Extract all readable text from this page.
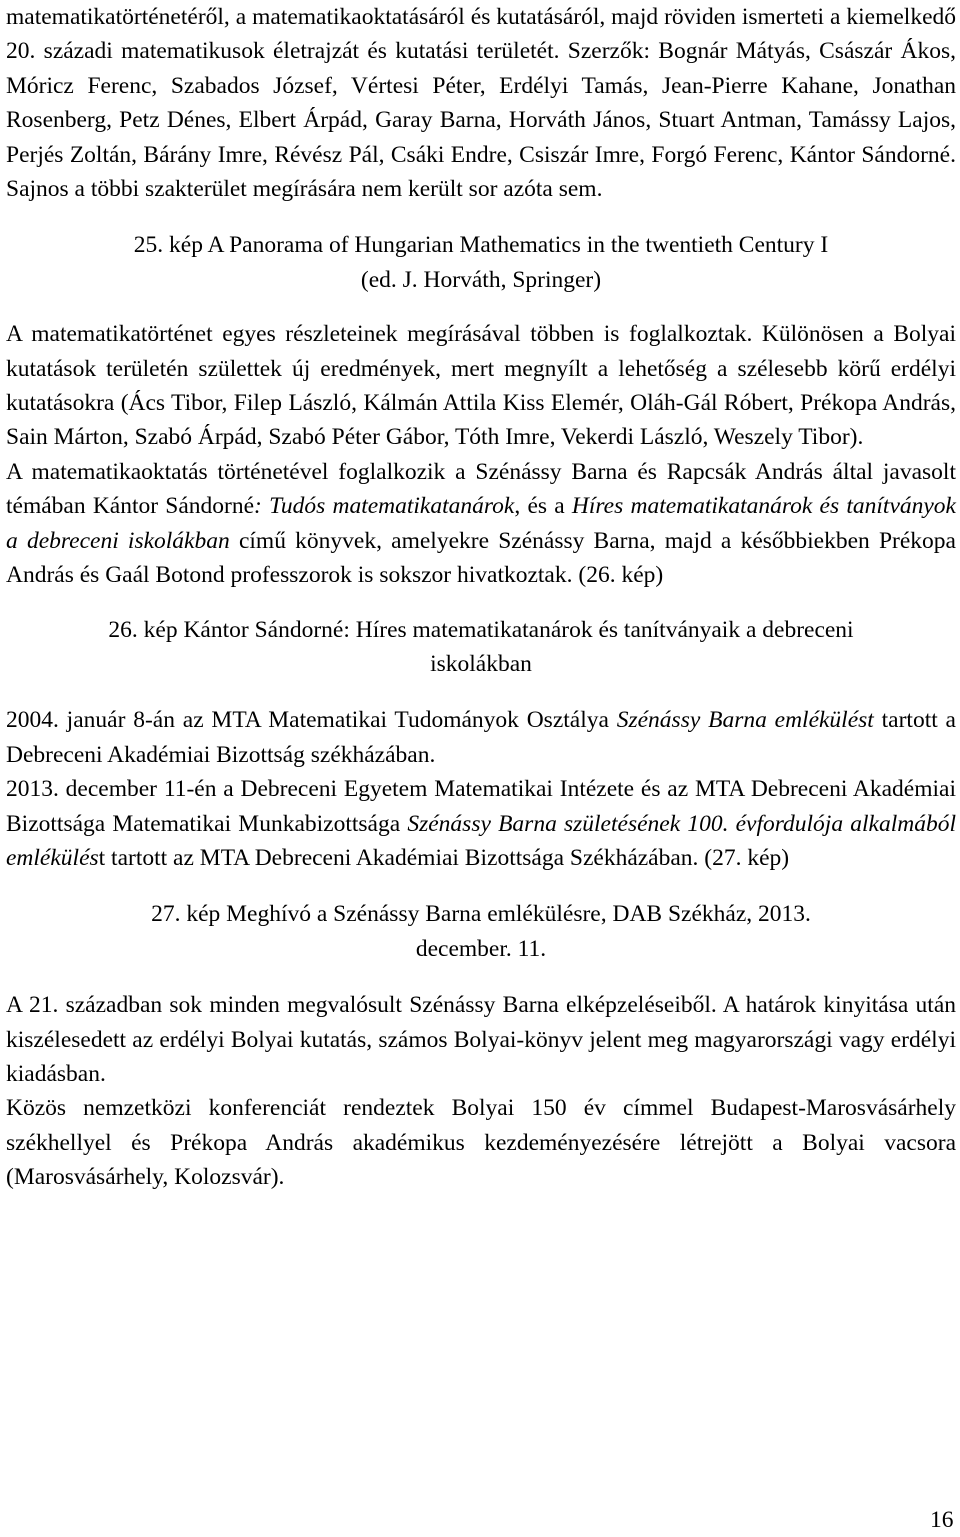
matematikatörténetéről, a matematikaoktatásáról és kutatásáról, majd röviden ismerteti a kiemelkedő 20. századi matematikusok életrajzát és kutatási területét. Szerzők: Bognár Mátyás, Császár Ákos, Móricz Ferenc, Szabados József, Vértesi Péter, Erdélyi Tamás, Jean-Pierre Kahane, Jonathan Rosenberg, Petz Dénes, Elbert Árpád, Garay Barna, Horváth János, Stuart Antman, Tamássy Lajos, Perjés Zoltán, Bárány Imre, Révész Pál, Csáki Endre, Csiszár Imre, Forgó Ferenc, Kántor Sándorné. Sajnos a többi szakterület megírására nem került sor azóta sem.

25. kép A Panorama of Hungarian Mathematics in the twentieth Century I

(ed. J. Horváth, Springer)

A matematikatörténet egyes részleteinek megírásával többen is foglalkoztak. Különösen a Bolyai kutatások területén születtek új eredmények, mert megnyílt a lehetőség a szélesebb körű erdélyi kutatásokra (Ács Tibor, Filep László, Kálmán Attila Kiss Elemér, Oláh-Gál Róbert, Prékopa András, Sain Márton, Szabó Árpád, Szabó Péter Gábor, Tóth Imre, Vekerdi László, Weszely Tibor).

A matematikaoktatás történetével foglalkozik a Szénássy Barna és Rapcsák András által javasolt témában Kántor Sándorné: Tudós matematikatanárok, és a Híres matematikatanárok és tanítványok a debreceni iskolákban című könyvek, amelyekre Szénássy Barna, majd a későbbiekben Prékopa András és Gaál Botond professzorok is sokszor hivatkoztak. (26. kép)

26. kép Kántor Sándorné: Híres matematikatanárok és tanítványaik a debreceni

iskolákban

2004. január 8-án az MTA Matematikai Tudományok Osztálya Szénássy Barna emlékülést tartott a Debreceni Akadémiai Bizottság székházában.

2013. december 11-én a Debreceni Egyetem Matematikai Intézete és az MTA Debreceni Akadémiai Bizottsága Matematikai Munkabizottsága Szénássy Barna születésének 100. évfordulója alkalmából emlékülést tartott az MTA Debreceni Akadémiai Bizottsága Székházában. (27. kép)

27. kép Meghívó a Szénássy Barna emlékülésre, DAB Székház, 2013.

december. 11.

A 21. században sok minden megvalósult Szénássy Barna elképzeléseiből. A határok kinyitása után kiszélesedett az erdélyi Bolyai kutatás, számos Bolyai-könyv jelent meg magyarországi vagy erdélyi kiadásban.

Közös nemzetközi konferenciát rendeztek Bolyai 150 év címmel Budapest-Marosvásárhely székhellyel és Prékopa András akadémikus kezdeményezésére létrejött a Bolyai vacsora (Marosvásárhely, Kolozsvár).

16
